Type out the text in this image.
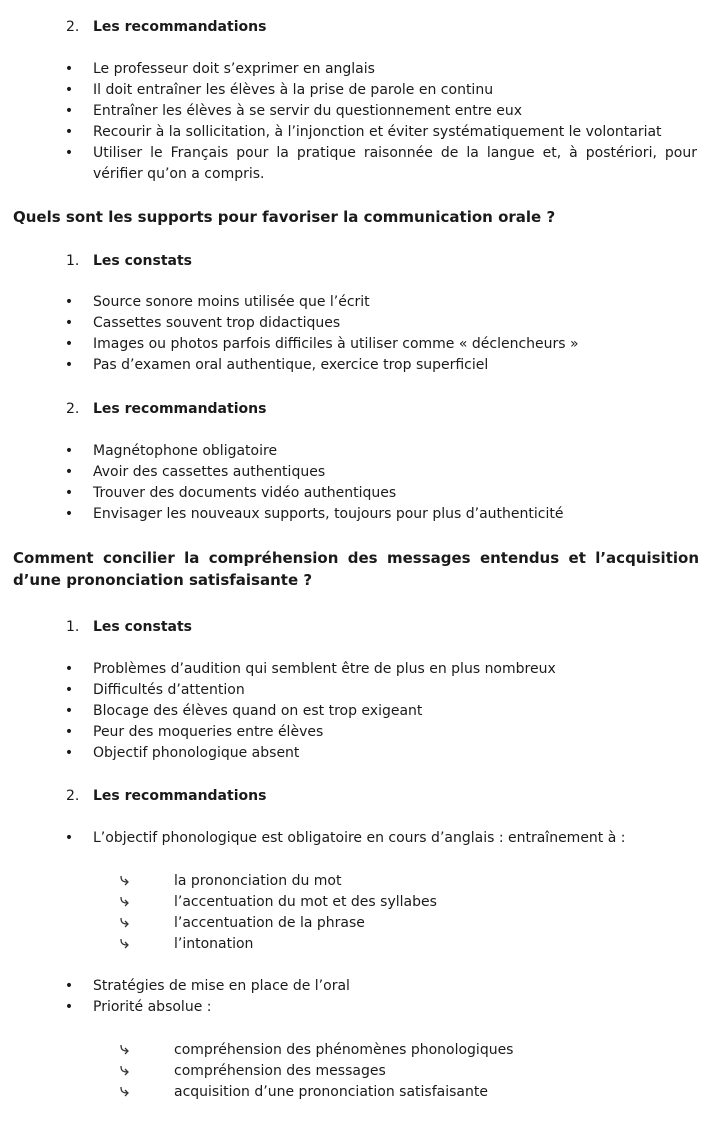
2. Les recommandations
• Le professeur doit s’exprimer en anglais
• Il doit entraîner les élèves à la prise de parole en continu
• Entraîner les élèves à se servir du questionnement entre eux
• Recourir à la sollicitation, à l’injonction et éviter systématiquement le volontariat
• Utiliser le Français pour la pratique raisonnée de la langue et, à postériori, pour vérifier qu’on a compris.
Quels sont les supports pour favoriser la communication orale ?
1. Les constats
• Source sonore moins utilisée que l’écrit
• Cassettes souvent trop didactiques
• Images ou photos parfois difficiles à utiliser comme « déclencheurs »
• Pas d’examen oral authentique, exercice trop superficiel
2. Les recommandations
• Magnétophone obligatoire
• Avoir des cassettes authentiques
• Trouver des documents vidéo authentiques
• Envisager les nouveaux supports, toujours pour plus d’authenticité
Comment concilier la compréhension des messages entendus et l’acquisition d’une prononciation satisfaisante ?
1. Les constats
• Problèmes d’audition qui semblent être de plus en plus nombreux
• Difficultés d’attention
• Blocage des élèves quand on est trop exigeant
• Peur des moqueries entre élèves
• Objectif phonologique absent
2. Les recommandations
• L’objectif phonologique est obligatoire en cours d’anglais : entraînement à :
la prononciation du mot
l’accentuation du mot et des syllabes
l’accentuation de la phrase
l’intonation
• Stratégies de mise en place de l’oral
• Priorité absolue :
compréhension des phénomènes phonologiques
compréhension des messages
acquisition d’une prononciation satisfaisante
